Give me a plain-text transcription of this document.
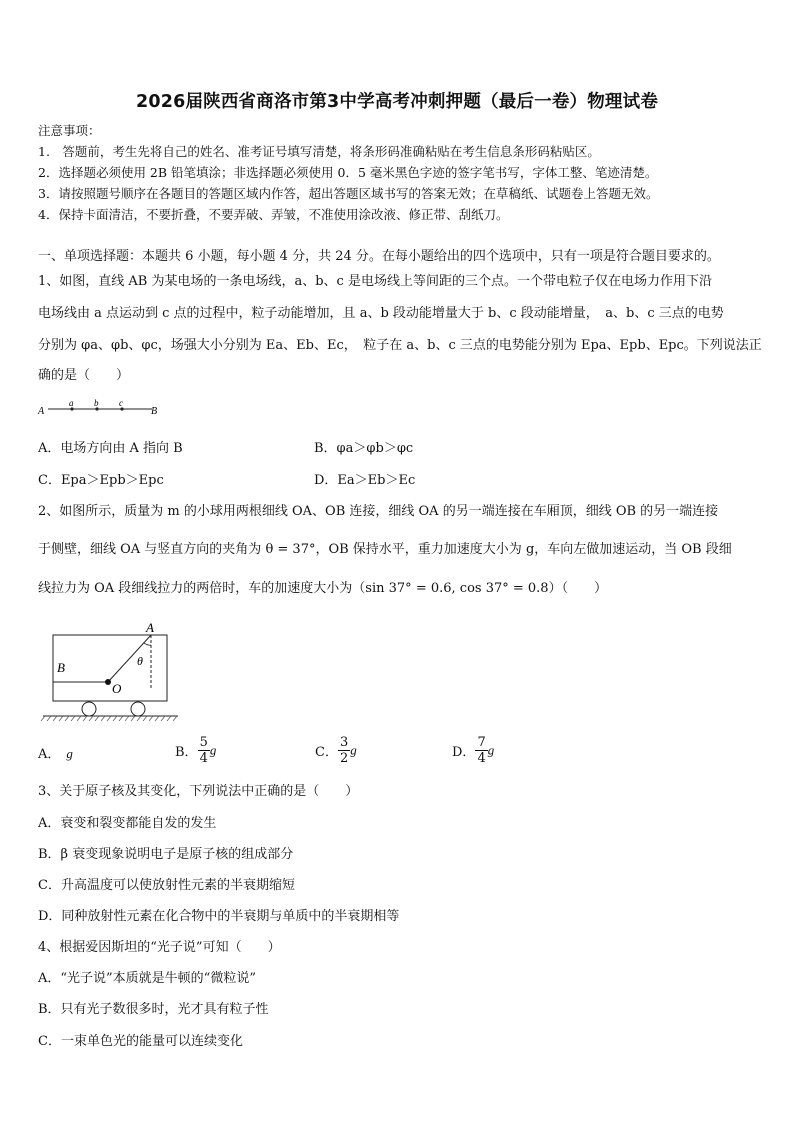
2026届陕西省商洛市第3中学高考冲刺押题（最后一卷）物理试卷
注意事项：
1.　答题前，考生先将自己的姓名、准考证号填写清楚，将条形码准确粘贴在考生信息条形码粘贴区。
2．选择题必须使用 2B 铅笔填涂；非选择题必须使用 0．5 毫米黑色字迹的签字笔书写，字体工整、笔迹清楚。
3．请按照题号顺序在各题目的答题区域内作答，超出答题区域书写的答案无效；在草稿纸、试题卷上答题无效。
4．保持卡面清洁，不要折叠，不要弄破、弄皱，不准使用涂改液、修正带、刮纸刀。
一、单项选择题：本题共 6 小题，每小题 4 分，共 24 分。在每小题给出的四个选项中，只有一项是符合题目要求的。
1、如图，直线 AB 为某电场的一条电场线，a、b、c 是电场线上等间距的三个点。一个带电粒子仅在电场力作用下沿
电场线由 a 点运动到 c 点的过程中，粒子动能增加，且 a、b 段动能增量大于 b、c 段动能增量，　a、b、c 三点的电势
分别为 φa、φb、φc，场强大小分别为 Ea、Eb、Ec，　粒子在 a、b、c 三点的电势能分别为 Epa、Epb、Epc。下列说法正
确的是（　　）
A
a b c
B
A．电场方向由 A 指向 B	B．φa＞φb＞φc
C．Epa＞Epb＞Epc	D．Ea＞Eb＞Ec
2、如图所示，质量为 m 的小球用两根细线 OA、OB 连接，细线 OA 的另一端连接在车厢顶，细线 OB 的另一端连接
于侧壁，细线 OA 与竖直方向的夹角为 θ = 37°，OB 保持水平，重力加速度大小为 g，车向左做加速运动，当 OB 段细
线拉力为 OA 段细线拉力的两倍时，车的加速度大小为（sin 37° = 0.6, cos 37° = 0.8）（　　）
A
B
O
θ
A． g	B． $\frac{5}{4}$ g	C． $\frac{3}{2}$ g	D． $\frac{7}{4}$ g
3、关于原子核及其变化，下列说法中正确的是（　　）
A．衰变和裂变都能自发的发生
B．β 衰变现象说明电子是原子核的组成部分
C．升高温度可以使放射性元素的半衰期缩短
D．同种放射性元素在化合物中的半衰期与单质中的半衰期相等
4、根据爱因斯坦的“光子说”可知（　　）
A．“光子说”本质就是牛顿的“微粒说”
B．只有光子数很多时，光才具有粒子性
C．一束单色光的能量可以连续变化
